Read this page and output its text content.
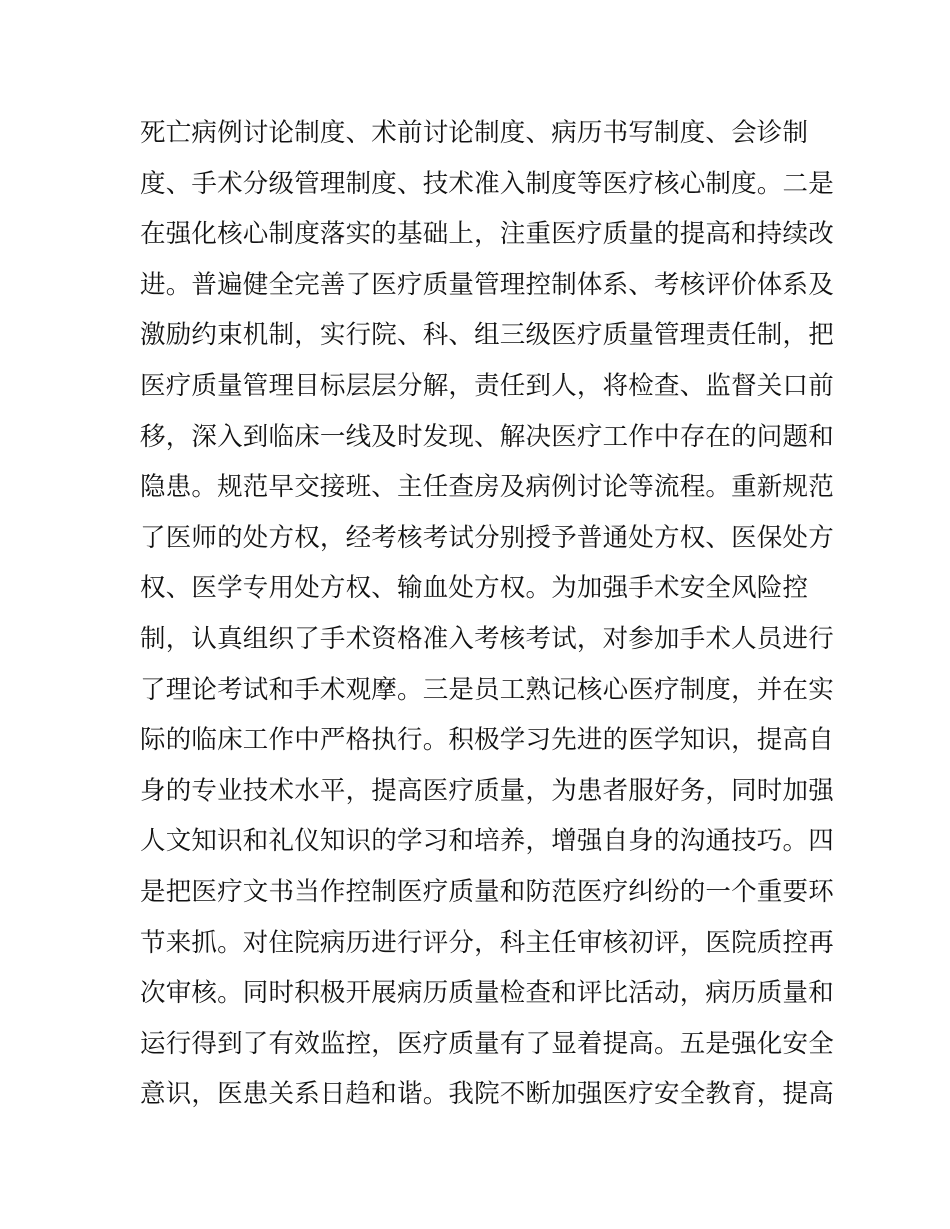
死亡病例讨论制度、术前讨论制度、病历书写制度、会诊制
度、手术分级管理制度、技术准入制度等医疗核心制度。二是
在强化核心制度落实的基础上，注重医疗质量的提高和持续改
进。普遍健全完善了医疗质量管理控制体系、考核评价体系及
激励约束机制，实行院、科、组三级医疗质量管理责任制，把
医疗质量管理目标层层分解，责任到人，将检查、监督关口前
移，深入到临床一线及时发现、解决医疗工作中存在的问题和
隐患。规范早交接班、主任查房及病例讨论等流程。重新规范
了医师的处方权，经考核考试分别授予普通处方权、医保处方
权、医学专用处方权、输血处方权。为加强手术安全风险控
制，认真组织了手术资格准入考核考试，对参加手术人员进行
了理论考试和手术观摩。三是员工熟记核心医疗制度，并在实
际的临床工作中严格执行。积极学习先进的医学知识，提高自
身的专业技术水平，提高医疗质量，为患者服好务，同时加强
人文知识和礼仪知识的学习和培养，增强自身的沟通技巧。四
是把医疗文书当作控制医疗质量和防范医疗纠纷的一个重要环
节来抓。对住院病历进行评分，科主任审核初评，医院质控再
次审核。同时积极开展病历质量检查和评比活动，病历质量和
运行得到了有效监控，医疗质量有了显着提高。五是强化安全
意识，医患关系日趋和谐。我院不断加强医疗安全教育，提高
